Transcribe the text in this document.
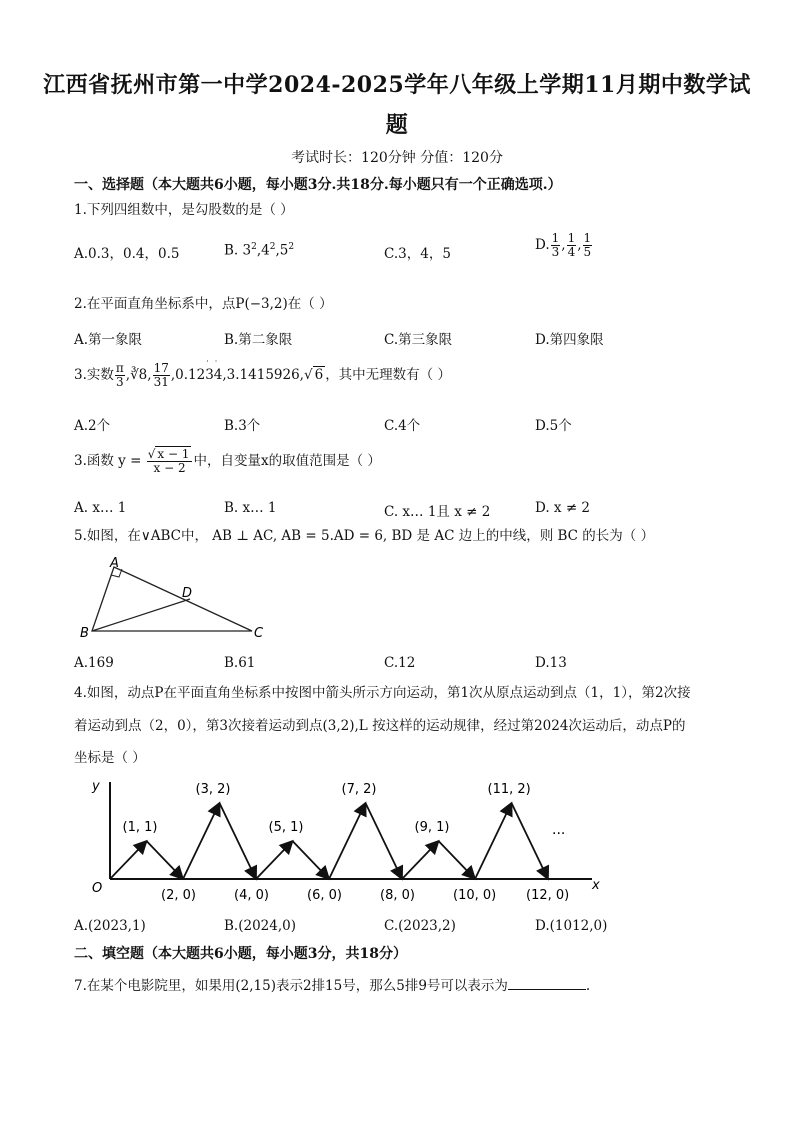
江西省抚州市第一中学2024-2025学年八年级上学期11月期中数学试
题
考试时长：120分钟 分值：120分
一、选择题（本大题共6小题，每小题3分.共18分.每小题只有一个正确选项.）
1.下列四组数中，是勾股数的是（ ）
A.0.3，0.4，0.5	B. $3^2,4^2,5^2$	C.3，4，5
D. $\frac{1}{3}$ , $\frac{1}{4}$ , $\frac{1}{5}$
2.在平面直角坐标系中，点P(−3,2)在（ ）
A.第一象限	B.第二象限	C.第三象限	D.第四象限
3.实数 $\frac{\pi}{3}$ ,∛8, $\frac{17}{31} ,0.123$
·
4
·
,3.1415926,√ 6 ，其中无理数有（ ）
A.2个	B.3个	C.4个	D.5个
3.函数 $y = \frac{√ x - 1}{x - 2}$ 中，自变量x的取值范围是（ ）
A. x… 1	B. x… 1	C. x… 1且 x ≠ 2	D. x ≠ 2
5.如图，在∨ABC中， AB ⊥ AC, AB = 5.AD = 6, BD 是 AC 边上的中线，则 BC 的长为（ ）
A
B	C
D
A.169	B.61	C.12	D.13
4.如图，动点P在平面直角坐标系中按图中箭头所示方向运动，第1次从原点运动到点（1，1），第2次接
着运动到点（2，0），第3次接着运动到点(3,2),L 按这样的运动规律，经过第2024次运动后，动点P的
坐标是（ ）
x
y
O
...
(1, 1)
(3, 2)
(5, 1)
(7, 2)
(9, 1)
(11, 2)
(2, 0)	(4, 0)	(6, 0)	(8, 0)	(10, 0) (12, 0)
A.(2023,1)	B.(2024,0)	C.(2023,2)	D.(1012,0)
二、填空题（本大题共6小题，每小题3分，共18分）
7.在某个电影院里，如果用(2,15)表示2排15号，那么5排9号可以表示为	.
